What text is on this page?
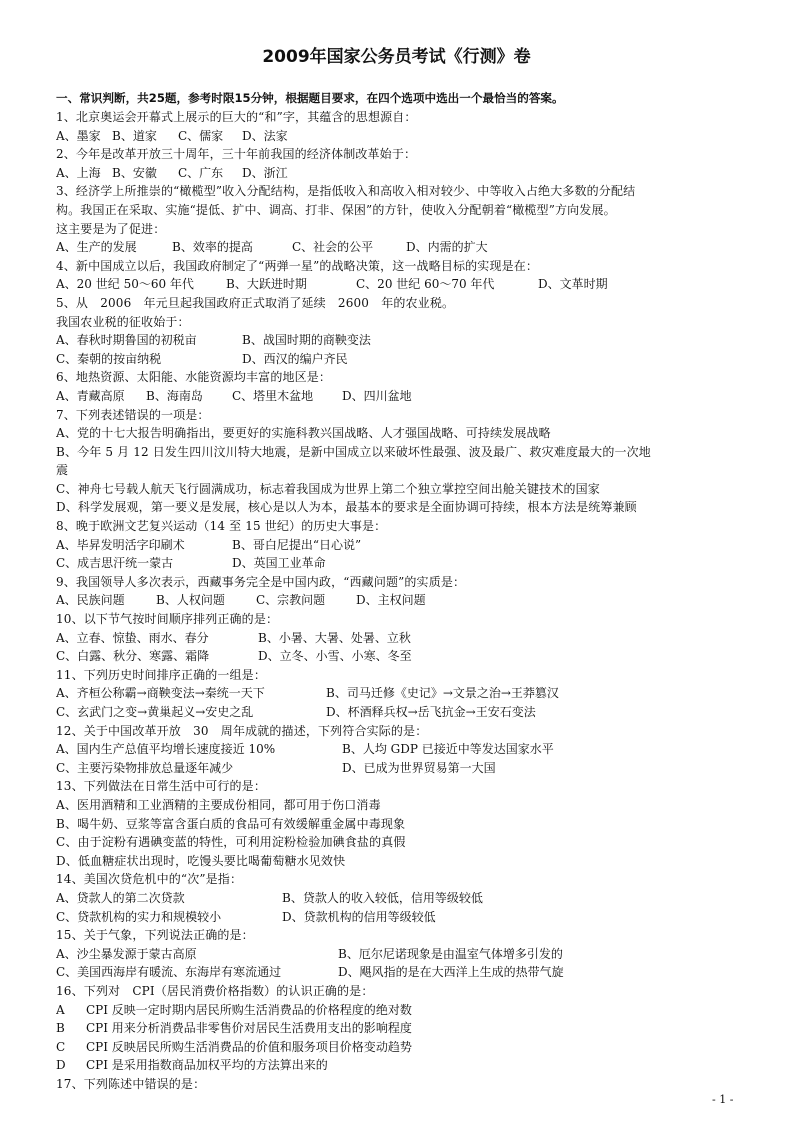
2009年国家公务员考试《行测》卷
一、常识判断，共25题，参考时限15分钟，根据题目要求，在四个选项中选出一个最恰当的答案。
1、北京奥运会开幕式上展示的巨大的“和”字，其蕴含的思想源自：
A、墨家 B、道家 C、儒家 D、法家
2、今年是改革开放三十周年，三十年前我国的经济体制改革始于：
A、上海 B、安徽 C、广东 D、浙江
3、经济学上所推崇的“橄榄型”收入分配结构，是指低收入和高收入相对较少、中等收入占绝大多数的分配结
构。我国正在采取、实施“提低、扩中、调高、打非、保困”的方针，使收入分配朝着“橄榄型”方向发展。
这主要是为了促进：
A、生产的发展	B、效率的提高	C、社会的公平	D、内需的扩大
4、新中国成立以后，我国政府制定了“两弹一星”的战略决策，这一战略目标的实现是在：
A、20 世纪 50～60 年代	B、大跃进时期	C、20 世纪 60～70 年代	D、文革时期
5、从　2006　年元旦起我国政府正式取消了延续　2600　年的农业税。
我国农业税的征收始于：
A、春秋时期鲁国的初税亩	B、战国时期的商鞅变法
C、秦朝的按亩纳税	D、西汉的编户齐民
6、地热资源、太阳能、水能资源均丰富的地区是：
A、青藏高原 B、海南岛 C、塔里木盆地 D、四川盆地
7、下列表述错误的一项是：
A、党的十七大报告明确指出，要更好的实施科教兴国战略、人才强国战略、可持续发展战略
B、今年 5 月 12 日发生四川汶川特大地震，是新中国成立以来破坏性最强、波及最广、救灾难度最大的一次地
震
C、神舟七号载人航天飞行圆满成功，标志着我国成为世界上第二个独立掌控空间出舱关键技术的国家
D、科学发展观，第一要义是发展，核心是以人为本，最基本的要求是全面协调可持续，根本方法是统筹兼顾
8、晚于欧洲文艺复兴运动（14 至 15 世纪）的历史大事是：
A、毕昇发明活字印刷术	B、哥白尼提出“日心说”
C、成吉思汗统一蒙古	D、英国工业革命
9、我国领导人多次表示，西藏事务完全是中国内政，“西藏问题”的实质是：
A、民族问题	B、人权问题	C、宗教问题	D、主权问题
10、以下节气按时间顺序排列正确的是：
A、立春、惊蛰、雨水、春分	B、小暑、大暑、处暑、立秋
C、白露、秋分、寒露、霜降	D、立冬、小雪、小寒、冬至
11、下列历史时间排序正确的一组是：
A、齐桓公称霸→商鞅变法→秦统一天下	B、司马迁修《史记》→文景之治→王莽篡汉
C、玄武门之变→黄巢起义→安史之乱	D、杯酒释兵权→岳飞抗金→王安石变法
12、关于中国改革开放　30　周年成就的描述，下列符合实际的是：
A、国内生产总值平均增长速度接近 10%	B、人均 GDP 已接近中等发达国家水平
C、主要污染物排放总量逐年减少	D、已成为世界贸易第一大国
13、下列做法在日常生活中可行的是：
A、医用酒精和工业酒精的主要成份相同，都可用于伤口消毒
B、喝牛奶、豆浆等富含蛋白质的食品可有效缓解重金属中毒现象
C、由于淀粉有遇碘变蓝的特性，可利用淀粉检验加碘食盐的真假
D、低血糖症状出现时，吃馒头要比喝葡萄糖水见效快
14、美国次贷危机中的“次”是指：
A、贷款人的第二次贷款	B、贷款人的收入较低，信用等级较低
C、贷款机构的实力和规模较小	D、贷款机构的信用等级较低
15、关于气象，下列说法正确的是：
A、沙尘暴发源于蒙古高原	B、厄尔尼诺现象是由温室气体增多引发的
C、美国西海岸有暖流、东海岸有寒流通过	D、飓风指的是在大西洋上生成的热带气旋
16、下列对　CPI（居民消费价格指数）的认识正确的是：
A CPI 反映一定时期内居民所购生活消费品的价格程度的绝对数
B CPI 用来分析消费品非零售价对居民生活费用支出的影响程度
C CPI 反映居民所购生活消费品的价值和服务项目价格变动趋势
D CPI 是采用指数商品加权平均的方法算出来的
17、下列陈述中错误的是：
- 1 -
